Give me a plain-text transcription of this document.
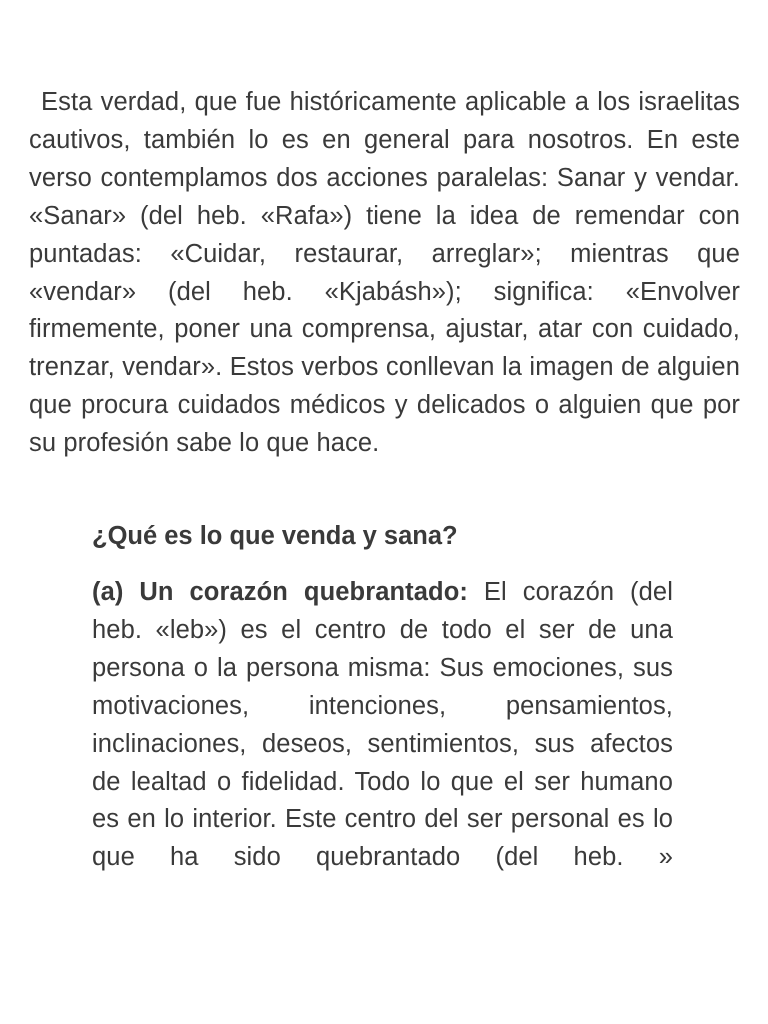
Esta verdad, que fue históricamente aplicable a los israelitas cautivos, también lo es en general para nosotros. En este verso contemplamos dos acciones paralelas: Sanar y vendar. «Sanar» (del heb. «Rafa») tiene la idea de remendar con puntadas: «Cuidar, restaurar, arreglar»; mientras que «vendar» (del heb. «Kjabásh»); significa: «Envolver firmemente, poner una comprensa, ajustar, atar con cuidado, trenzar, vendar». Estos verbos conllevan la imagen de alguien que procura cuidados médicos y delicados o alguien que por su profesión sabe lo que hace.

¿Qué es lo que venda y sana?

(a) Un corazón quebrantado: El corazón (del heb. «leb») es el centro de todo el ser de una persona o la persona misma: Sus emociones, sus motivaciones, intenciones, pensamientos, inclinaciones, deseos, sentimientos, sus afectos de lealtad o fidelidad. Todo lo que el ser humano es en lo interior. Este centro del ser personal es lo que ha sido quebrantado (del heb. »
